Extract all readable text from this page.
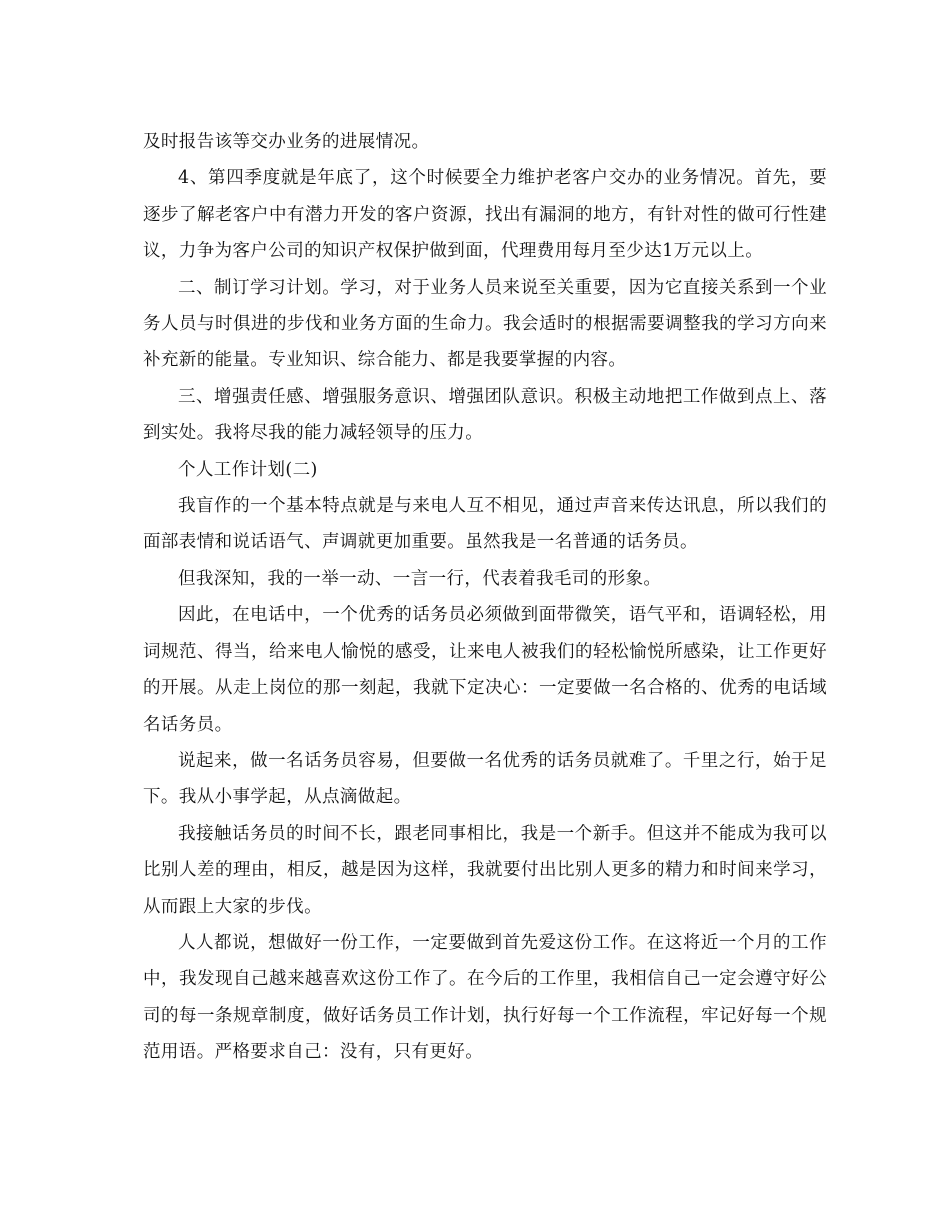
及时报告该等交办业务的进展情况。

4、第四季度就是年底了，这个时候要全力维护老客户交办的业务情况。首先，要逐步了解老客户中有潜力开发的客户资源，找出有漏洞的地方，有针对性的做可行性建议，力争为客户公司的知识产权保护做到面，代理费用每月至少达1万元以上。

二、制订学习计划。学习，对于业务人员来说至关重要，因为它直接关系到一个业务人员与时俱进的步伐和业务方面的生命力。我会适时的根据需要调整我的学习方向来补充新的能量。专业知识、综合能力、都是我要掌握的内容。

三、增强责任感、增强服务意识、增强团队意识。积极主动地把工作做到点上、落到实处。我将尽我的能力减轻领导的压力。

个人工作计划(二)

我盲作的一个基本特点就是与来电人互不相见，通过声音来传达讯息，所以我们的面部表情和说话语气、声调就更加重要。虽然我是一名普通的话务员。

但我深知，我的一举一动、一言一行，代表着我毛司的形象。

因此，在电话中，一个优秀的话务员必须做到面带微笑，语气平和，语调轻松，用词规范、得当，给来电人愉悦的感受，让来电人被我们的轻松愉悦所感染，让工作更好的开展。从走上岗位的那一刻起，我就下定决心：一定要做一名合格的、优秀的电话域名话务员。

说起来，做一名话务员容易，但要做一名优秀的话务员就难了。千里之行，始于足下。我从小事学起，从点滴做起。

我接触话务员的时间不长，跟老同事相比，我是一个新手。但这并不能成为我可以比别人差的理由，相反，越是因为这样，我就要付出比别人更多的精力和时间来学习，从而跟上大家的步伐。

人人都说，想做好一份工作，一定要做到首先爱这份工作。在这将近一个月的工作中，我发现自己越来越喜欢这份工作了。在今后的工作里，我相信自己一定会遵守好公司的每一条规章制度，做好话务员工作计划，执行好每一个工作流程，牢记好每一个规范用语。严格要求自己：没有，只有更好。
